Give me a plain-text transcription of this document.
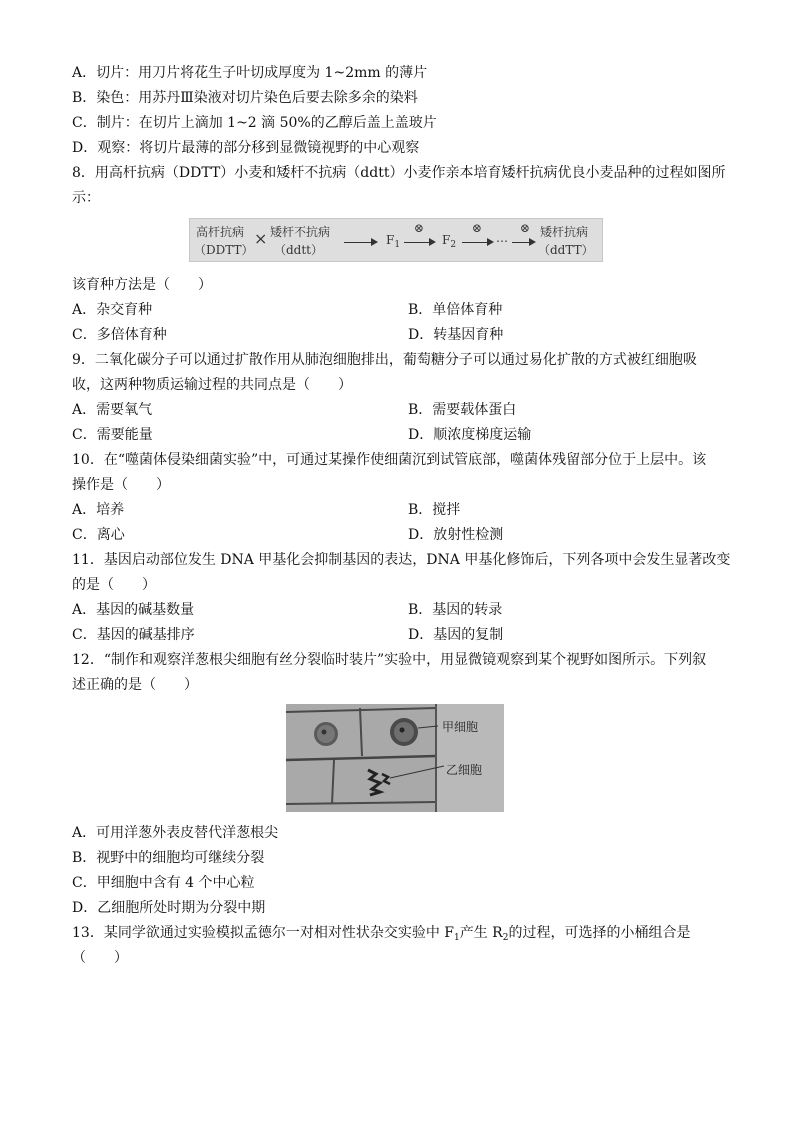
A．切片：用刀片将花生子叶切成厚度为 1~2mm 的薄片
B．染色：用苏丹Ⅲ染液对切片染色后要去除多余的染料
C．制片：在切片上滴加 1~2 滴 50%的乙醇后盖上盖玻片
D．观察：将切片最薄的部分移到显微镜视野的中心观察
8．用高杆抗病（DDTT）小麦和矮杆不抗病（ddtt）小麦作亲本培育矮杆抗病优良小麦品种的过程如图所
示：
高杆抗病
（DDTT）
× 矮杆不抗病
（ddtt）
$F_1$
⊗
$F_2$
⊗
…
⊗ 矮杆抗病
（ddTT）
该育种方法是（　　）
A．杂交育种	B．单倍体育种
C．多倍体育种	D．转基因育种
9．二氧化碳分子可以通过扩散作用从肺泡细胞排出，葡萄糖分子可以通过易化扩散的方式被红细胞吸
收，这两种物质运输过程的共同点是（　　）
A．需要氧气	B．需要载体蛋白
C．需要能量	D．顺浓度梯度运输
10．在“噬菌体侵染细菌实验”中，可通过某操作使细菌沉到试管底部，噬菌体残留部分位于上层中。该
操作是（　　）
A．培养	B．搅拌
C．离心	D．放射性检测
11．基因启动部位发生 DNA 甲基化会抑制基因的表达，DNA 甲基化修饰后，下列各项中会发生显著改变
的是（　　）
A．基因的碱基数量	B．基因的转录
C．基因的碱基排序	D．基因的复制
12．“制作和观察洋葱根尖细胞有丝分裂临时装片”实验中，用显微镜观察到某个视野如图所示。下列叙
述正确的是（　　）
甲细胞
乙细胞
A．可用洋葱外表皮替代洋葱根尖
B．视野中的细胞均可继续分裂
C．甲细胞中含有 4 个中心粒
D．乙细胞所处时期为分裂中期
13．某同学欲通过实验模拟孟德尔一对相对性状杂交实验中 $F_1$产生 $R_2$的过程，可选择的小桶组合是
（　　）
